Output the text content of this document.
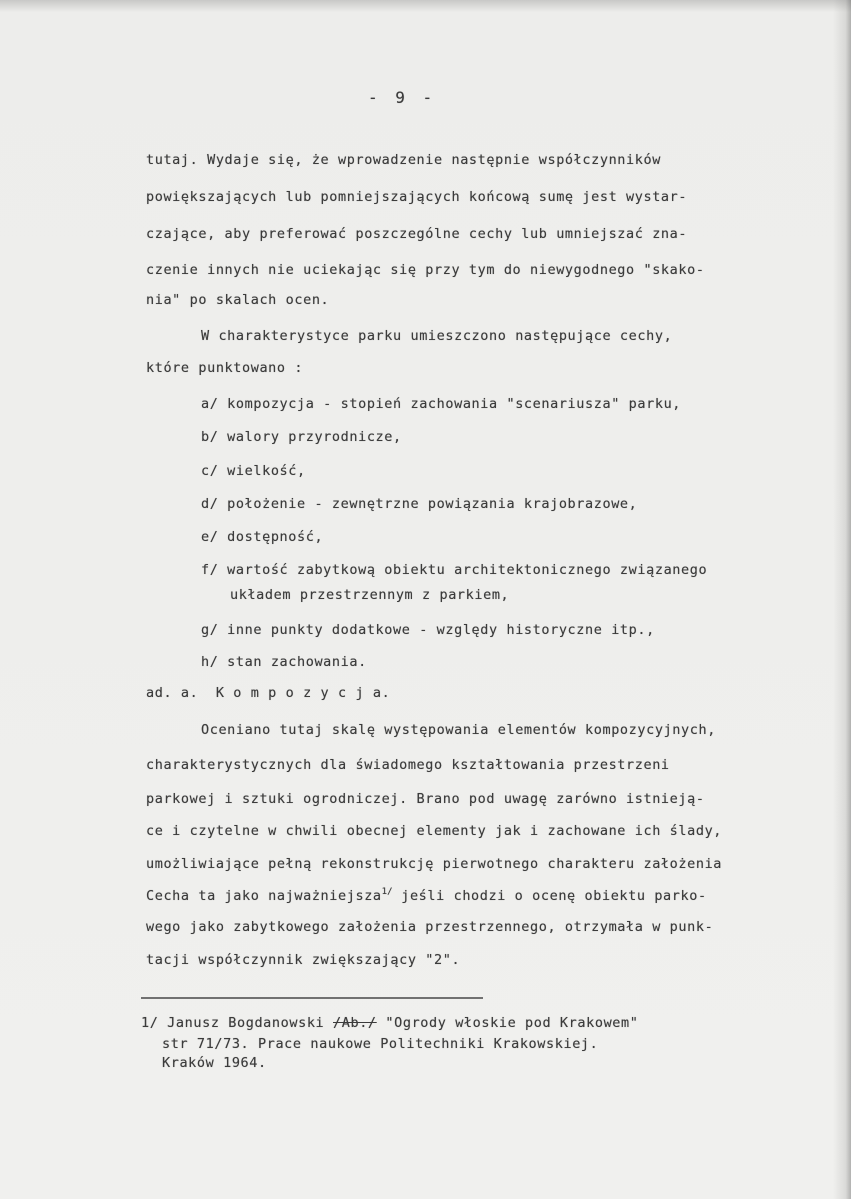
- 9 -
tutaj. Wydaje się, że wprowadzenie następnie współczynników
powiększających lub pomniejszających końcową sumę jest wystar-
czające, aby preferować poszczególne cechy lub umniejszać zna-
czenie innych nie uciekając się przy tym do niewygodnego "skako-
nia" po skalach ocen.
W charakterystyce parku umieszczono następujące cechy,
które punktowano :
a/ kompozycja - stopień zachowania "scenariusza" parku,
b/ walory przyrodnicze,
c/ wielkość,
d/ położenie - zewnętrzne powiązania krajobrazowe,
e/ dostępność,
f/ wartość zabytkową obiektu architektonicznego związanego
układem przestrzennym z parkiem,
g/ inne punkty dodatkowe - względy historyczne itp.,
h/ stan zachowania.
ad. a.  K o m p o z y c j a.
Oceniano tutaj skalę występowania elementów kompozycyjnych,
charakterystycznych dla świadomego kształtowania przestrzeni
parkowej i sztuki ogrodniczej. Brano pod uwagę zarówno istnieją-
ce i czytelne w chwili obecnej elementy jak i zachowane ich ślady,
umożliwiające pełną rekonstrukcję pierwotnego charakteru założenia
Cecha ta jako najważniejsza$^{1/}$ jeśli chodzi o ocenę obiektu parko-
wego jako zabytkowego założenia przestrzennego, otrzymała w punk-
tacji współczynnik zwiększający "2".
1/ Janusz Bogdanowski /Ab./ "Ogrody włoskie pod Krakowem"
str 71/73. Prace naukowe Politechniki Krakowskiej.
Kraków 1964.
